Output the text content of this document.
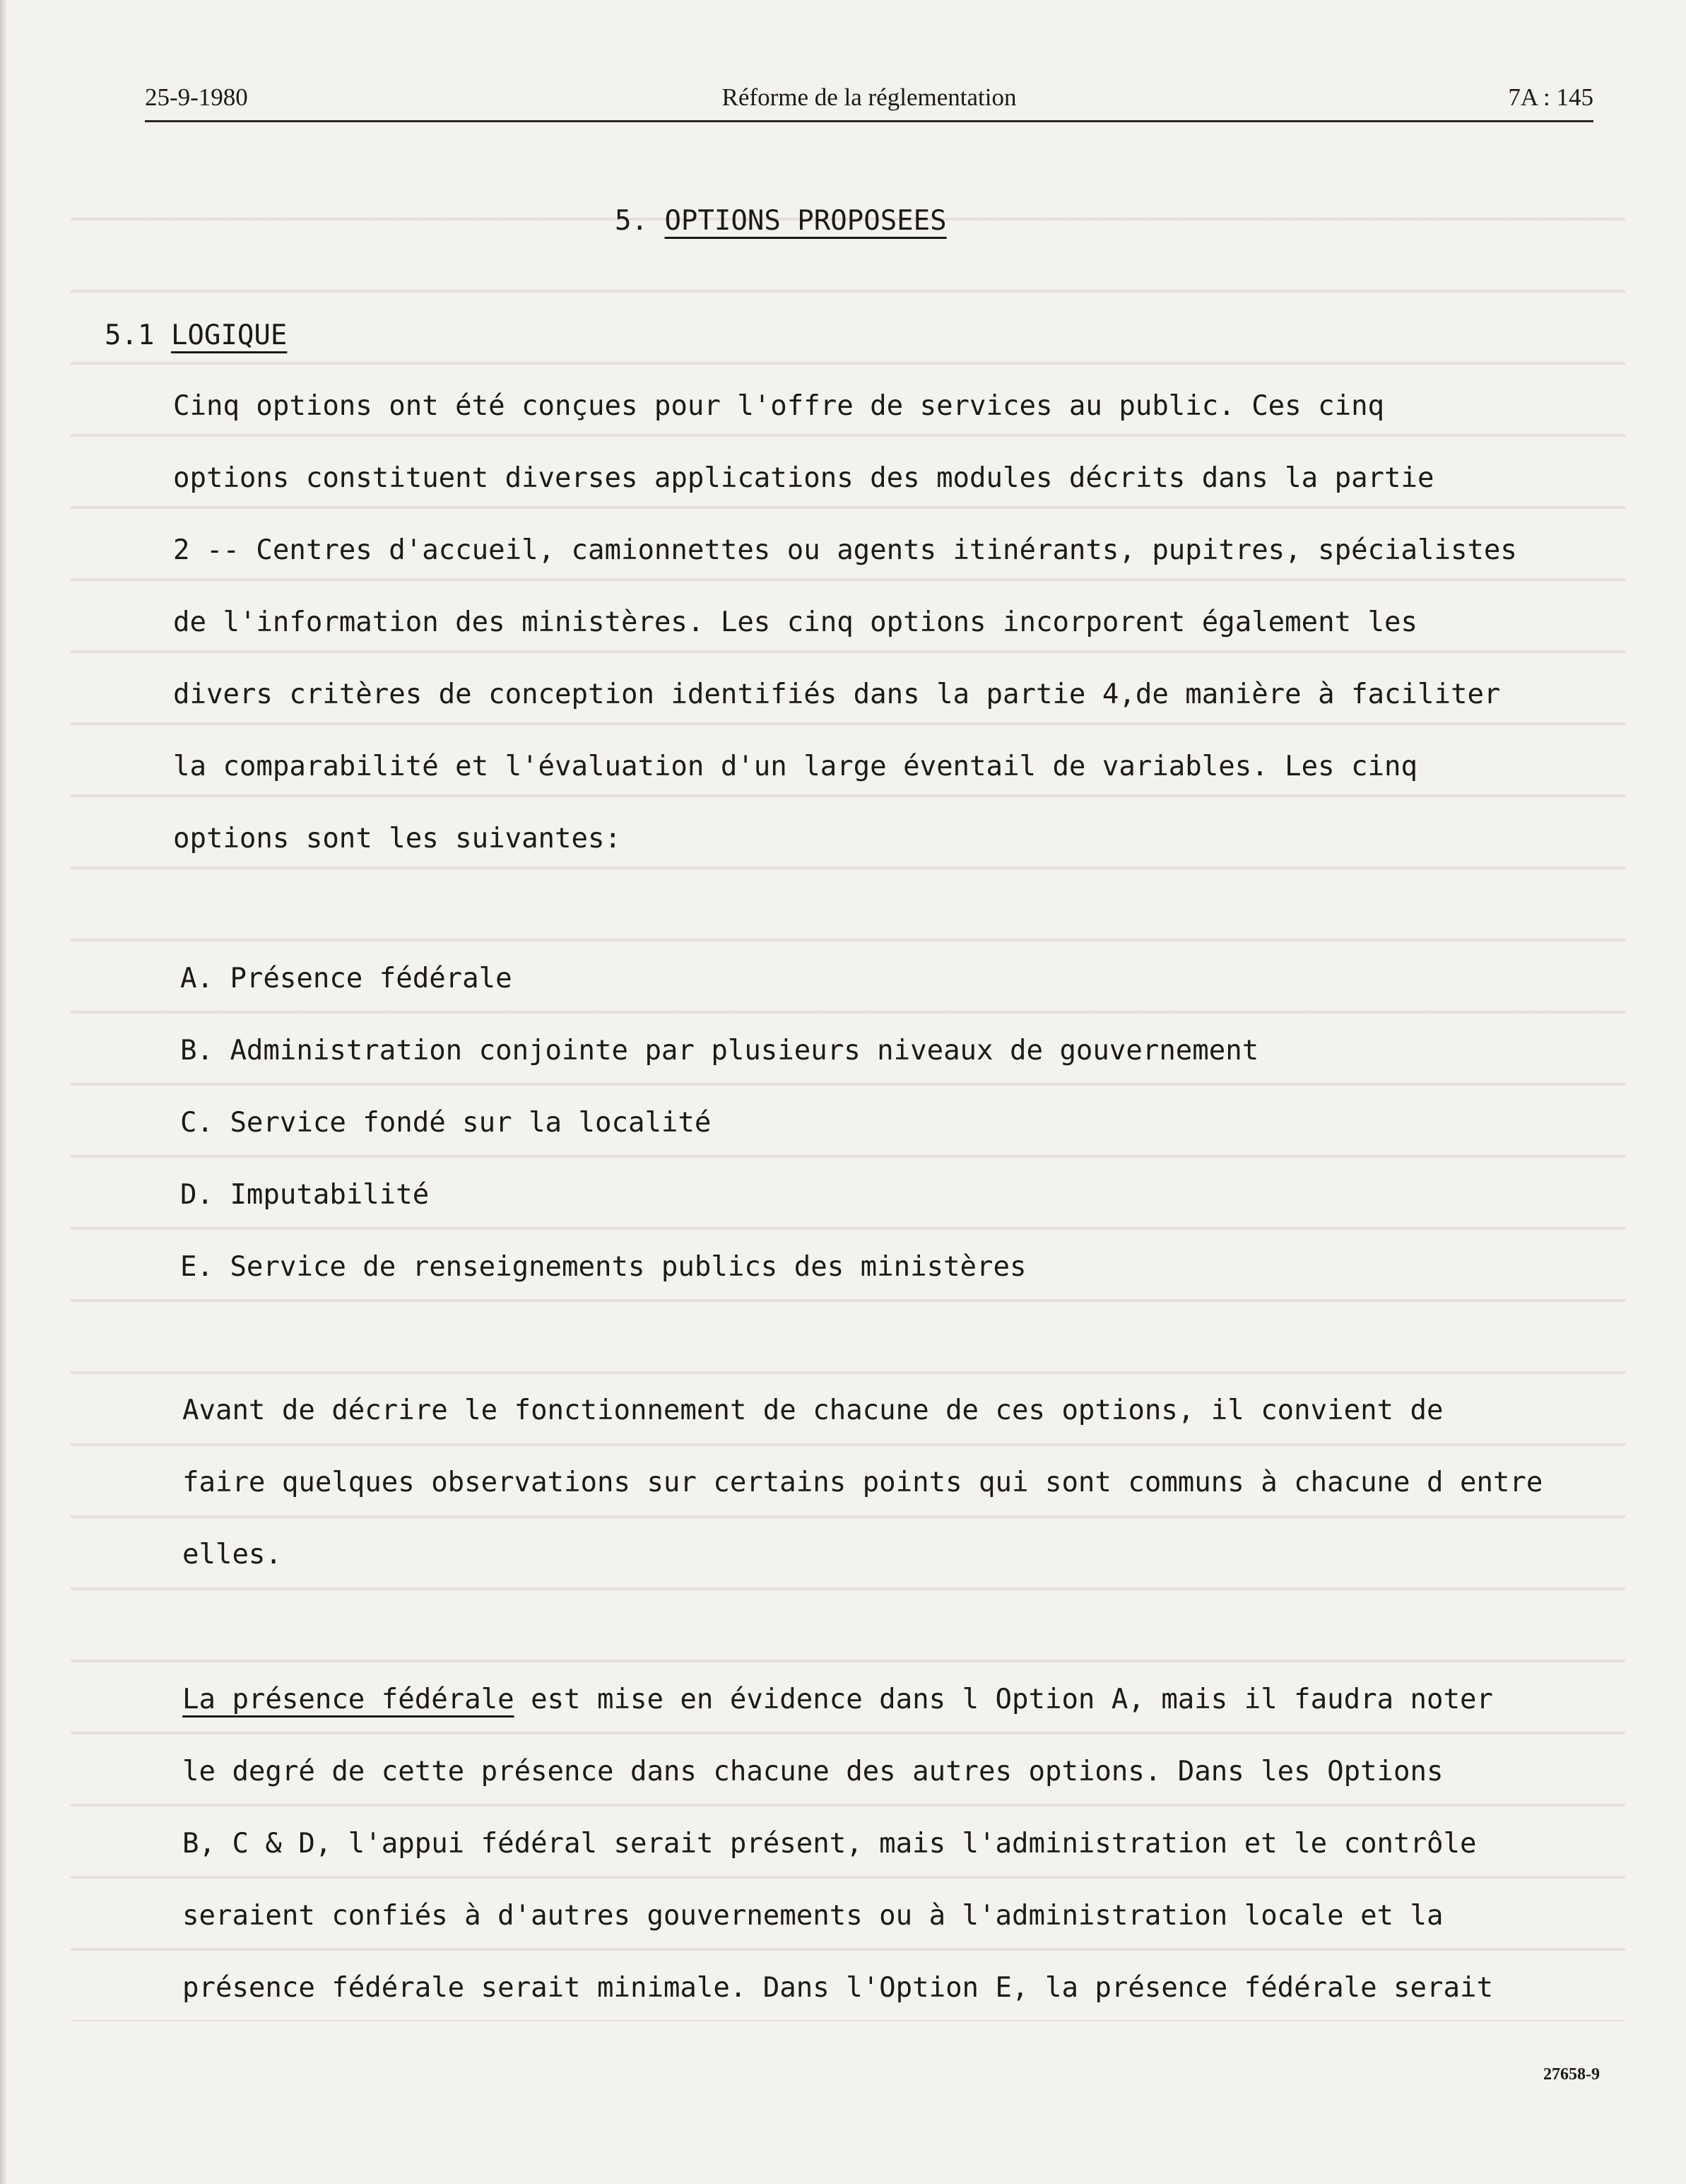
25-9-1980	Réforme de la réglementation	7A : 145
5. OPTIONS PROPOSEES
5.1 LOGIQUE

Cinq options ont été conçues pour l'offre de services au public. Ces cinq

options constituent diverses applications des modules décrits dans la partie

2 -- Centres d'accueil, camionnettes ou agents itinérants, pupitres, spécialistes

de l'information des ministères. Les cinq options incorporent également les

divers critères de conception identifiés dans la partie 4,de manière à faciliter

la comparabilité et l'évaluation d'un large éventail de variables. Les cinq

options sont les suivantes:

A. Présence fédérale

B. Administration conjointe par plusieurs niveaux de gouvernement

C. Service fondé sur la localité

D. Imputabilité

E. Service de renseignements publics des ministères

Avant de décrire le fonctionnement de chacune de ces options, il convient de

faire quelques observations sur certains points qui sont communs à chacune d entre

elles.

La présence fédérale est mise en évidence dans l Option A, mais il faudra noter

le degré de cette présence dans chacune des autres options. Dans les Options

B, C & D, l'appui fédéral serait présent, mais l'administration et le contrôle

seraient confiés à d'autres gouvernements ou à l'administration locale et la

présence fédérale serait minimale. Dans l'Option E, la présence fédérale serait

27658-9
